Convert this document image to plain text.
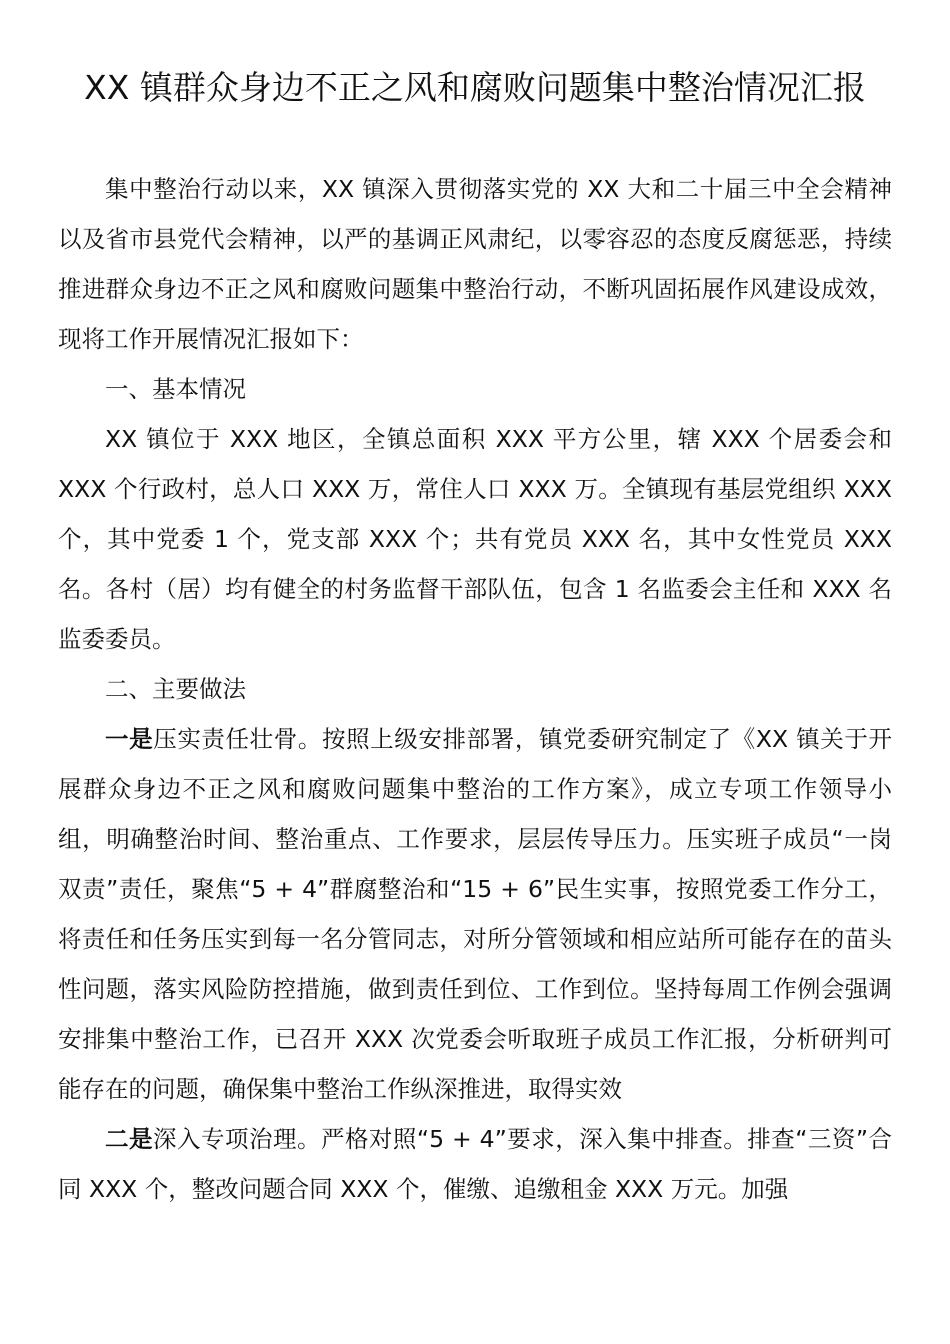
XX 镇群众身边不正之风和腐败问题集中整治情况汇报

集中整治行动以来，XX 镇深入贯彻落实党的 XX 大和二十届三中全会精神以及省市县党代会精神，以严的基调正风肃纪，以零容忍的态度反腐惩恶，持续推进群众身边不正之风和腐败问题集中整治行动，不断巩固拓展作风建设成效，现将工作开展情况汇报如下：

一、基本情况

XX 镇位于 XXX 地区，全镇总面积 XXX 平方公里，辖 XXX 个居委会和 XXX 个行政村，总人口 XXX 万，常住人口 XXX 万。全镇现有基层党组织 XXX 个，其中党委 1 个，党支部 XXX 个；共有党员 XXX 名，其中女性党员 XXX 名。各村（居）均有健全的村务监督干部队伍，包含 1 名监委会主任和 XXX 名监委委员。

二、主要做法

一是压实责任壮骨。按照上级安排部署，镇党委研究制定了《XX 镇关于开展群众身边不正之风和腐败问题集中整治的工作方案》，成立专项工作领导小组，明确整治时间、整治重点、工作要求，层层传导压力。压实班子成员“一岗双责”责任，聚焦“5 + 4”群腐整治和“15 + 6”民生实事，按照党委工作分工，将责任和任务压实到每一名分管同志，对所分管领域和相应站所可能存在的苗头性问题，落实风险防控措施，做到责任到位、工作到位。坚持每周工作例会强调安排集中整治工作，已召开 XXX 次党委会听取班子成员工作汇报，分析研判可能存在的问题，确保集中整治工作纵深推进，取得实效

二是深入专项治理。严格对照“5 + 4”要求，深入集中排查。排查“三资”合同 XXX 个，整改问题合同 XXX 个，催缴、追缴租金 XXX 万元。加强
